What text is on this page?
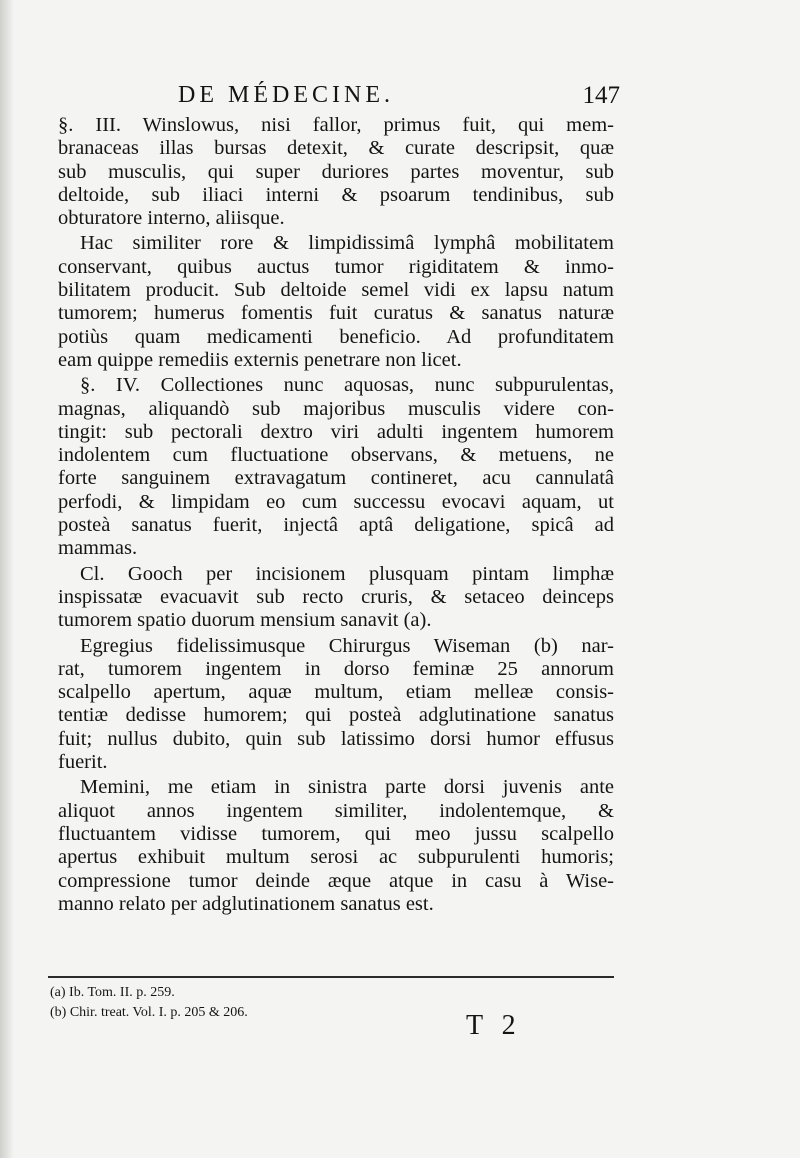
DE MÉDECINE.	147
§. III. Winslowus, nisi fallor, primus fuit, qui mem-
branaceas illas bursas detexit, & curate descripsit, quæ
sub musculis, qui super duriores partes moventur, sub
deltoide, sub iliaci interni & psoarum tendinibus, sub
obturatore interno, aliisque.
Hac similiter rore & limpidissimâ lymphâ mobilitatem
conservant, quibus auctus tumor rigiditatem & inmo-
bilitatem producit. Sub deltoide semel vidi ex lapsu natum
tumorem; humerus fomentis fuit curatus & sanatus naturæ
potiùs quam medicamenti beneficio. Ad profunditatem
eam quippe remediis externis penetrare non licet.
§. IV. Collectiones nunc aquosas, nunc subpurulentas,
magnas, aliquandò sub majoribus musculis videre con-
tingit: sub pectorali dextro viri adulti ingentem humorem
indolentem cum fluctuatione observans, & metuens, ne
forte sanguinem extravagatum contineret, acu cannulatâ
perfodi, & limpidam eo cum successu evocavi aquam, ut
posteà sanatus fuerit, injectâ aptâ deligatione, spicâ ad
mammas.
Cl. Gooch per incisionem plusquam pintam limphæ
inspissatæ evacuavit sub recto cruris, & setaceo deinceps
tumorem spatio duorum mensium sanavit (a).
Egregius fidelissimusque Chirurgus Wiseman (b) nar-
rat, tumorem ingentem in dorso feminæ 25 annorum
scalpello apertum, aquæ multum, etiam melleæ consis-
tentiæ dedisse humorem; qui posteà adglutinatione sanatus
fuit; nullus dubito, quin sub latissimo dorsi humor effusus
fuerit.
Memini, me etiam in sinistra parte dorsi juvenis ante
aliquot annos ingentem similiter, indolentemque, &
fluctuantem vidisse tumorem, qui meo jussu scalpello
apertus exhibuit multum serosi ac subpurulenti humoris;
compressione tumor deinde æque atque in casu à Wise-
manno relato per adglutinationem sanatus est.
(a) Ib. Tom. II. p. 259.
(b) Chir. treat. Vol. I. p. 205 & 206.	T 2
